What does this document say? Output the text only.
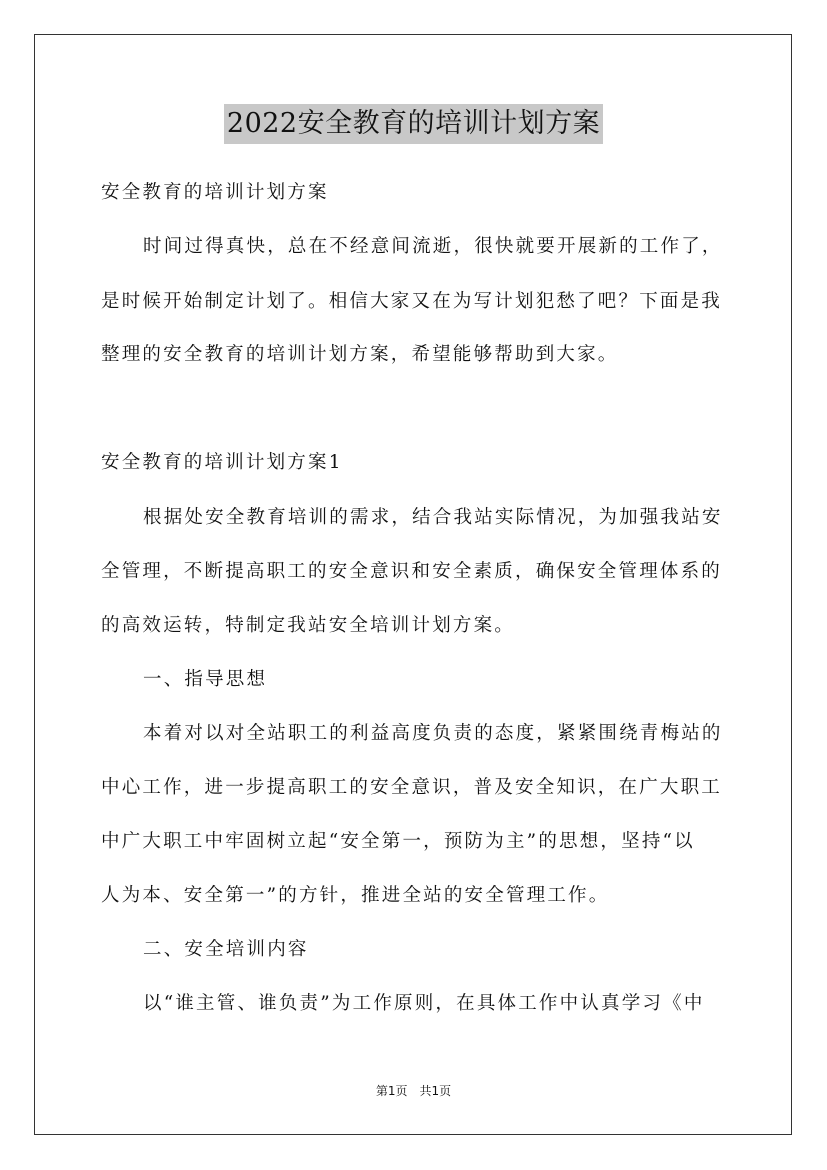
2022安全教育的培训计划方案

安全教育的培训计划方案

时间过得真快，总在不经意间流逝，很快就要开展新的工作了，

是时候开始制定计划了。相信大家又在为写计划犯愁了吧？下面是我

整理的安全教育的培训计划方案，希望能够帮助到大家。

安全教育的培训计划方案1

根据处安全教育培训的需求，结合我站实际情况，为加强我站安

全管理，不断提高职工的安全意识和安全素质，确保安全管理体系的

的高效运转，特制定我站安全培训计划方案。

一、指导思想

本着对以对全站职工的利益高度负责的态度，紧紧围绕青梅站的

中心工作，进一步提高职工的安全意识，普及安全知识，在广大职工

中广大职工中牢固树立起“安全第一，预防为主”的思想，坚持“以

人为本、安全第一”的方针，推进全站的安全管理工作。

二、安全培训内容

以“谁主管、谁负责”为工作原则，在具体工作中认真学习《中

第1页　共1页
